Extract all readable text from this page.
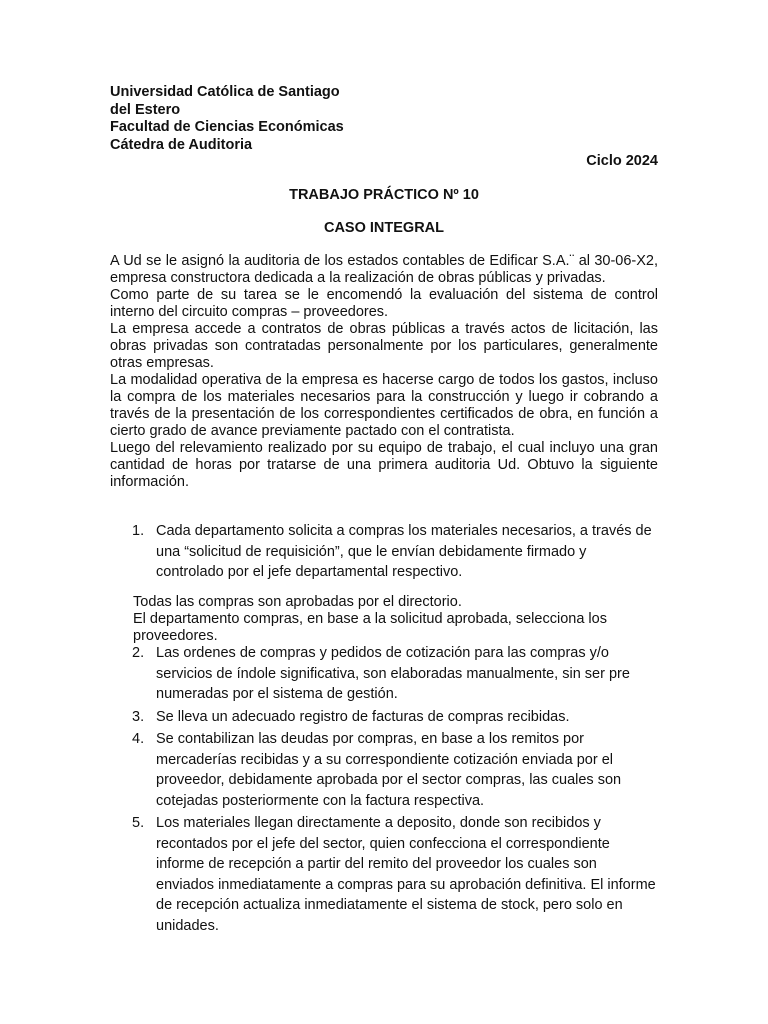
Universidad Católica de Santiago
del Estero
Facultad de Ciencias Económicas
Cátedra de Auditoria
Ciclo 2024
TRABAJO PRÁCTICO Nº 10
CASO INTEGRAL

A Ud se le asignó la auditoria de los estados contables de Edificar S.A.¨ al 30-06-X2, empresa constructora dedicada a la realización de obras públicas y privadas.

Como parte de su tarea se le encomendó la evaluación del sistema de control interno del circuito compras – proveedores.

La empresa accede a contratos de obras públicas a través actos de licitación, las obras privadas son contratadas personalmente por los particulares, generalmente otras empresas.

La modalidad operativa de la empresa es hacerse cargo de todos los gastos, incluso la compra de los materiales necesarios para la construcción y luego ir cobrando a través de la presentación de los correspondientes certificados de obra, en función a cierto grado de avance previamente pactado con el contratista.

Luego del relevamiento realizado por su equipo de trabajo, el cual incluyo una gran cantidad de horas por tratarse de una primera auditoria Ud. Obtuvo la siguiente información.

1. Cada departamento solicita a compras los materiales necesarios, a través de una “solicitud de requisición”, que le envían debidamente firmado y controlado por el jefe departamental respectivo.

Todas las compras son aprobadas por el directorio.

El departamento compras, en base a la solicitud aprobada, selecciona los proveedores.

2. Las ordenes de compras y pedidos de cotización para las compras y/o servicios de índole significativa, son elaboradas manualmente, sin ser pre numeradas por el sistema de gestión.
3. Se lleva un adecuado registro de facturas de compras recibidas.
4. Se contabilizan las deudas por compras, en base a los remitos por mercaderías recibidas y a su correspondiente cotización enviada por el proveedor, debidamente aprobada por el sector compras, las cuales son cotejadas posteriormente con la factura respectiva.
5. Los materiales llegan directamente a deposito, donde son recibidos y recontados por el jefe del sector, quien confecciona el correspondiente informe de recepción a partir del remito del proveedor los cuales son enviados inmediatamente a compras para su aprobación definitiva. El informe de recepción actualiza inmediatamente el sistema de stock, pero solo en unidades.
